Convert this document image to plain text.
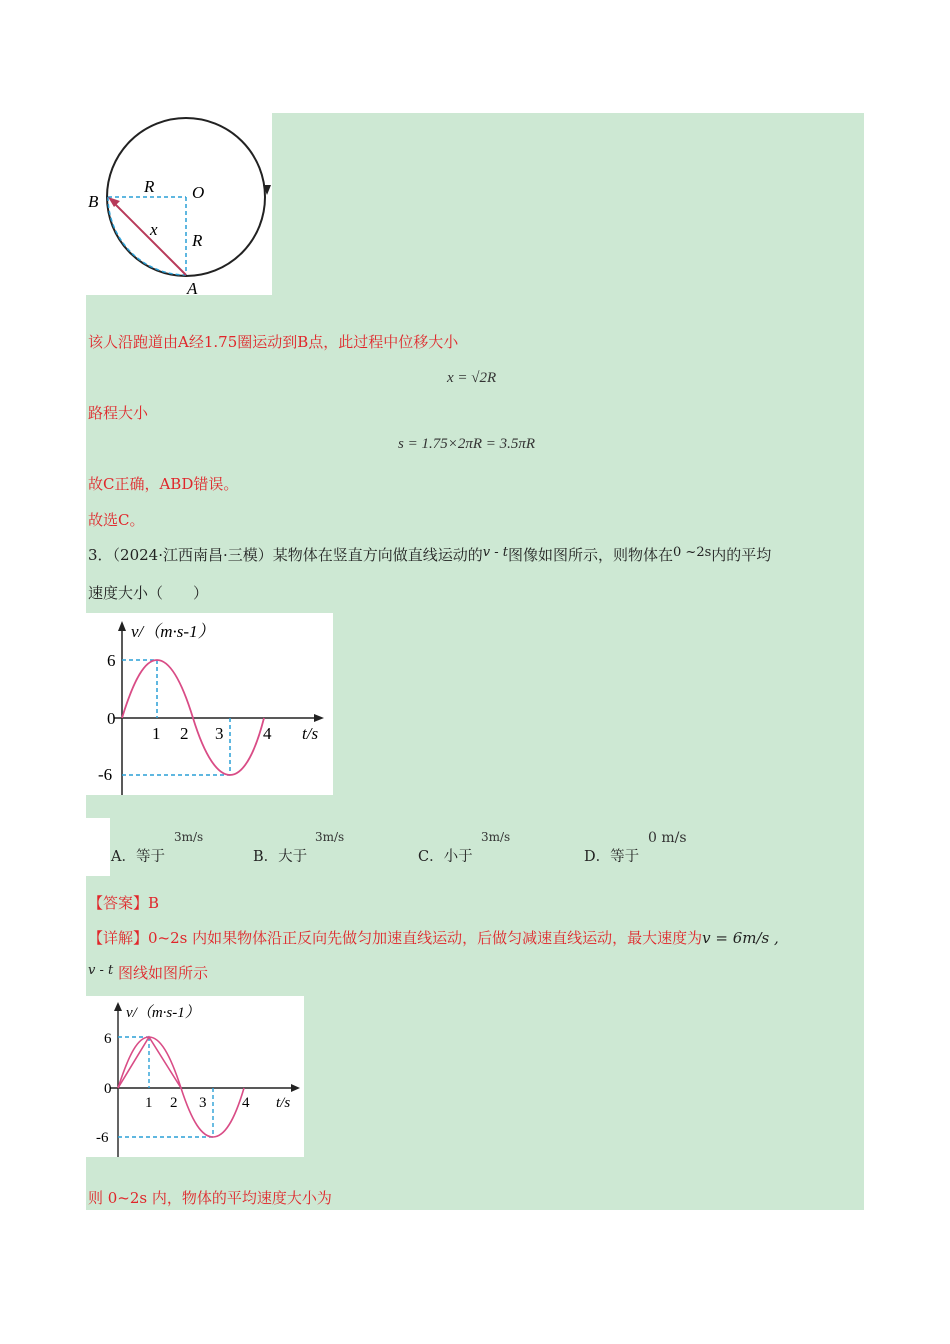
B
R O
x
R
A
该人沿跑道由A经1.75圈运动到B点，此过程中位移大小
x = √2R
路程大小
s = 1.75×2πR = 3.5πR
故C正确，ABD错误。
故选C。
3．（2024·江西南昌·三模）某物体在竖直方向做直线运动的v - t图像如图所示，则物体在0 ~2s内的平均
速度大小（　　）
v/（m·s-1）
6
0
-6
1 2 3 4 t/s
A．等于
3m/s
B．大于
3m/s
C．小于
3m/s
D．等于
0 m/s
【答案】B
【详解】0~2s 内如果物体沿正反向先做匀加速直线运动，后做匀减速直线运动，最大速度为v = 6m/s ,
v - t 图线如图所示
v/（m·s-1）
6
0
-6
1 2 3 4 t/s
则 0~2s 内，物体的平均速度大小为
